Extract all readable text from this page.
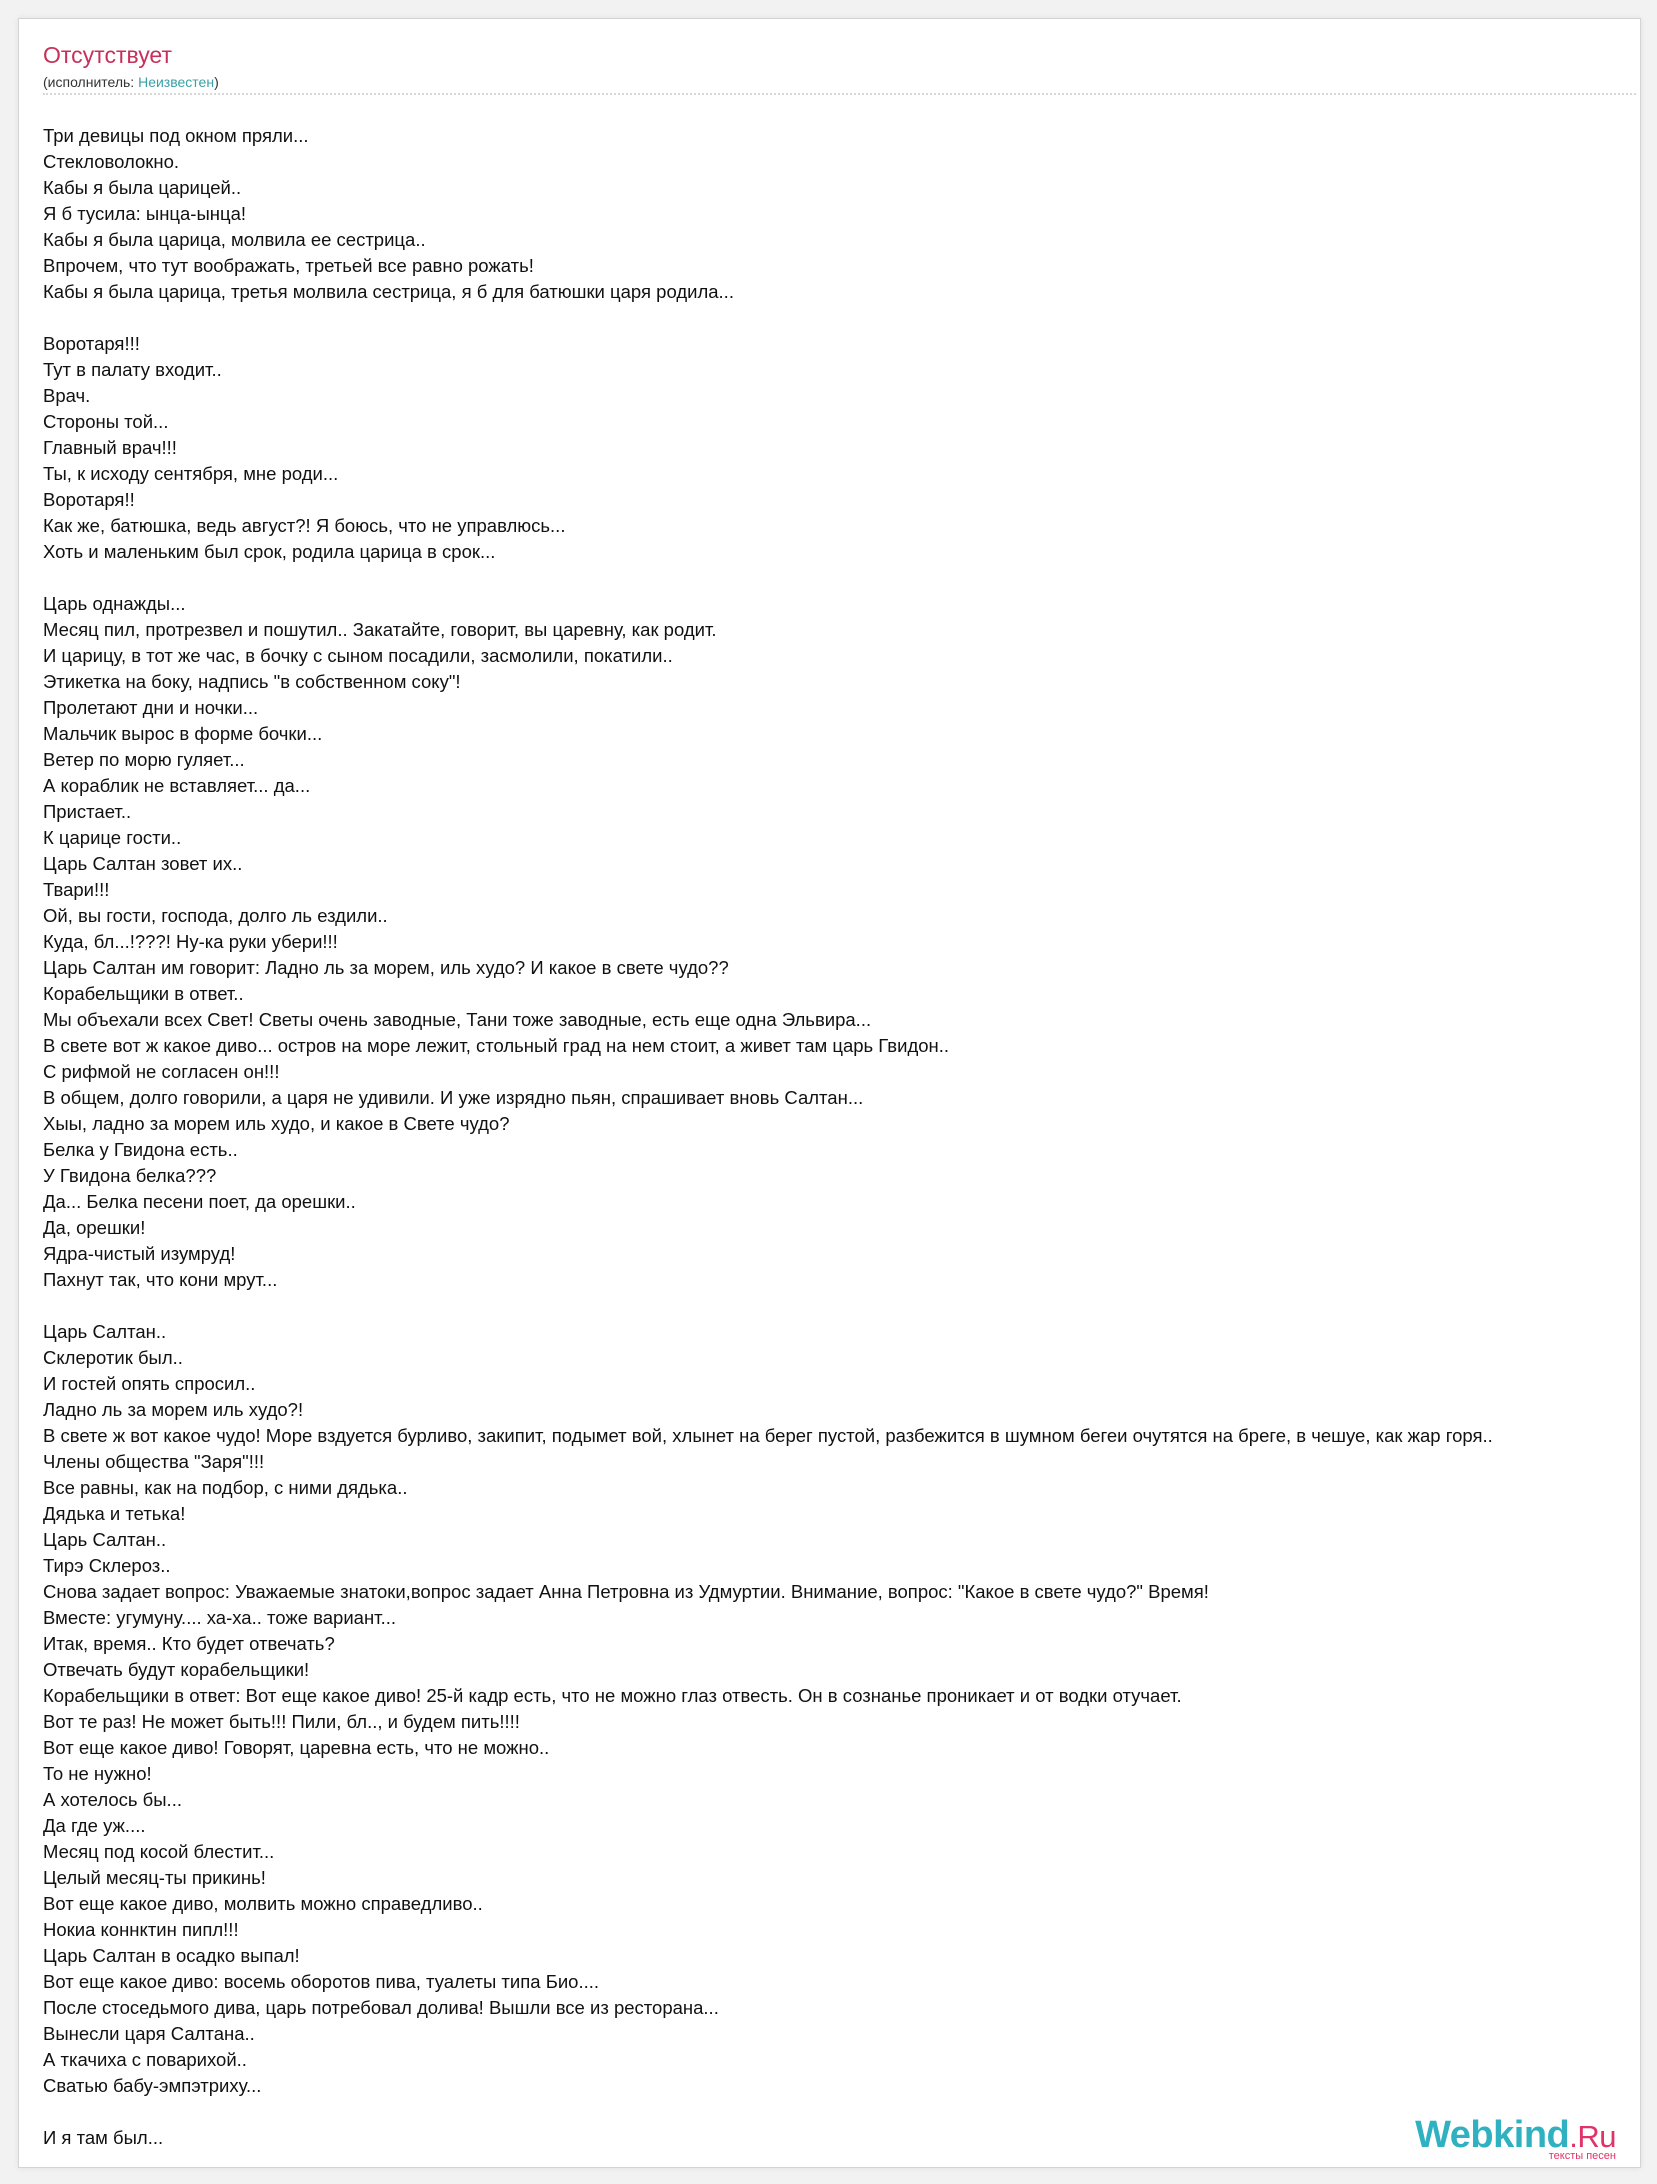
Отсутствует
(исполнитель: Неизвестен)
Три девицы под окном пряли...
Стекловолокно.
Кабы я была царицей..
Я б тусила: ынца-ынца!
Кабы я была царица, молвила ее сестрица..
Впрочем, что тут воображать, третьей все равно рожать!
Кабы я была царица, третья молвила сестрица, я б для батюшки царя родила...
Воротаря!!!
Тут в палату входит..
Врач.
Стороны той...
Главный врач!!!
Ты, к исходу сентября, мне роди...
Воротаря!!
Как же, батюшка, ведь август?! Я боюсь, что не управлюсь...
Хоть и маленьким был срок, родила царица в срок...
Царь однажды...
Месяц пил, протрезвел и пошутил.. Закатайте, говорит, вы царевну, как родит.
И царицу, в тот же час, в бочку с сыном посадили, засмолили, покатили..
Этикетка на боку, надпись "в собственном соку"!
Пролетают дни и ночки...
Мальчик вырос в форме бочки...
Ветер по морю гуляет...
А кораблик не вставляет... да...
Пристает..
К царице гости..
Царь Салтан зовет их..
Твари!!!
Ой, вы гости, господа, долго ль ездили..
Куда, бл...!???! Ну-ка руки убери!!!
Царь Салтан им говорит: Ладно ль за морем, иль худо? И какое в свете чудо??
Корабельщики в ответ..
Мы объехали всех Свет! Светы очень заводные, Тани тоже заводные, есть еще одна Эльвира...
В свете вот ж какое диво... остров на море лежит, стольный град на нем стоит, а живет там царь Гвидон..
С рифмой не согласен он!!!
В общем, долго говорили, а царя не удивили. И уже изрядно пьян, спрашивает вновь Салтан...
Хыы, ладно за морем иль худо, и какое в Свете чудо?
Белка у Гвидона есть..
У Гвидона белка???
Да... Белка песени поет, да орешки..
Да, орешки!
Ядра-чистый изумруд!
Пахнут так, что кони мрут...
Царь Салтан..
Склеротик был..
И гостей опять спросил..
Ладно ль за морем иль худо?!
В свете ж вот какое чудо! Море вздуется бурливо, закипит, подымет вой, хлынет на берег пустой, разбежится в шумном бегеи очутятся на бреге, в чешуе, как жар горя..
Члены общества "Заря"!!!
Все равны, как на подбор, с ними дядька..
Дядька и тетька!
Царь Салтан..
Тирэ Склероз..
Снова задает вопрос: Уважаемые знатоки,вопрос задает Анна Петровна из Удмуртии. Внимание, вопрос: "Какое в свете чудо?" Время!
Вместе: угумуну.... ха-ха.. тоже вариант...
Итак, время.. Кто будет отвечать?
Отвечать будут корабельщики!
Корабельщики в ответ: Вот еще какое диво! 25-й кадр есть, что не можно глаз отвесть. Он в сознанье проникает и от водки отучает.
Вот те раз! Не может быть!!! Пили, бл.., и будем пить!!!!
Вот еще какое диво! Говорят, царевна есть, что не можно..
То не нужно!
А хотелось бы...
Да где уж....
Месяц под косой блестит...
Целый месяц-ты прикинь!
Вот еще какое диво, молвить можно справедливо..
Нокиа коннктин пипл!!!
Царь Салтан в осадко выпал!
Вот еще какое диво: восемь оборотов пива, туалеты типа Био....
После стоседьмого дива, царь потребовал долива! Вышли все из ресторана...
Вынесли царя Салтана..
А ткачиха с поварихой..
Сватью бабу-эмпэтриху...
И я там был...	Webkind.Ru
тексты песен
